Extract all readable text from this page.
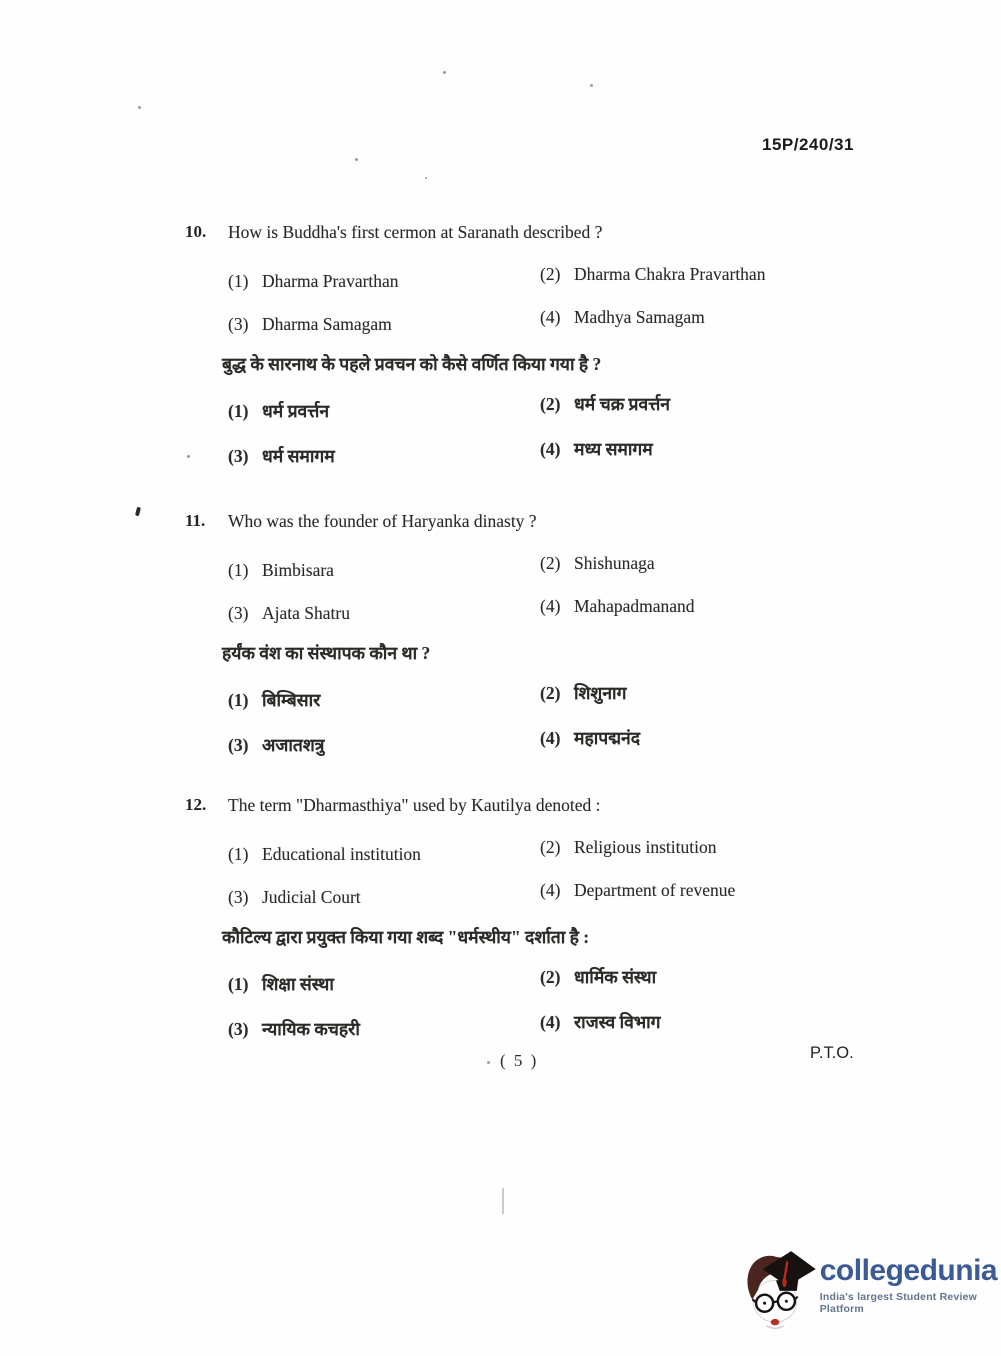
15P/240/31
10.	How is Buddha's first cermon at Saranath described ?
(1) Dharma Pravarthan	(2) Dharma Chakra Pravarthan
(3) Dharma Samagam	(4) Madhya Samagam
बुद्ध के सारनाथ के पहले प्रवचन को कैसे वर्णित किया गया है ?
(1) धर्म प्रवर्त्तन	(2) धर्म चक्र प्रवर्त्तन
(3) धर्म समागम	(4) मध्य समागम
11.	Who was the founder of Haryanka dinasty ?
(1) Bimbisara	(2) Shishunaga
(3) Ajata Shatru	(4) Mahapadmanand
हर्यंक वंश का संस्थापक कौन था ?
(1) बिम्बिसार	(2) शिशुनाग
(3) अजातशत्रु	(4) महापद्मनंद
12.	The term "Dharmasthiya" used by Kautilya denoted :
(1) Educational institution	(2) Religious institution
(3) Judicial Court	(4) Department of revenue
कौटिल्य द्वारा प्रयुक्त किया गया शब्द "धर्मस्थीय" दर्शाता है :
(1) शिक्षा संस्था	(2) धार्मिक संस्था
(3) न्यायिक कचहरी	(4) राजस्व विभाग
( 5 )	P.T.O.
collegedunia
India's largest Student Review Platform
